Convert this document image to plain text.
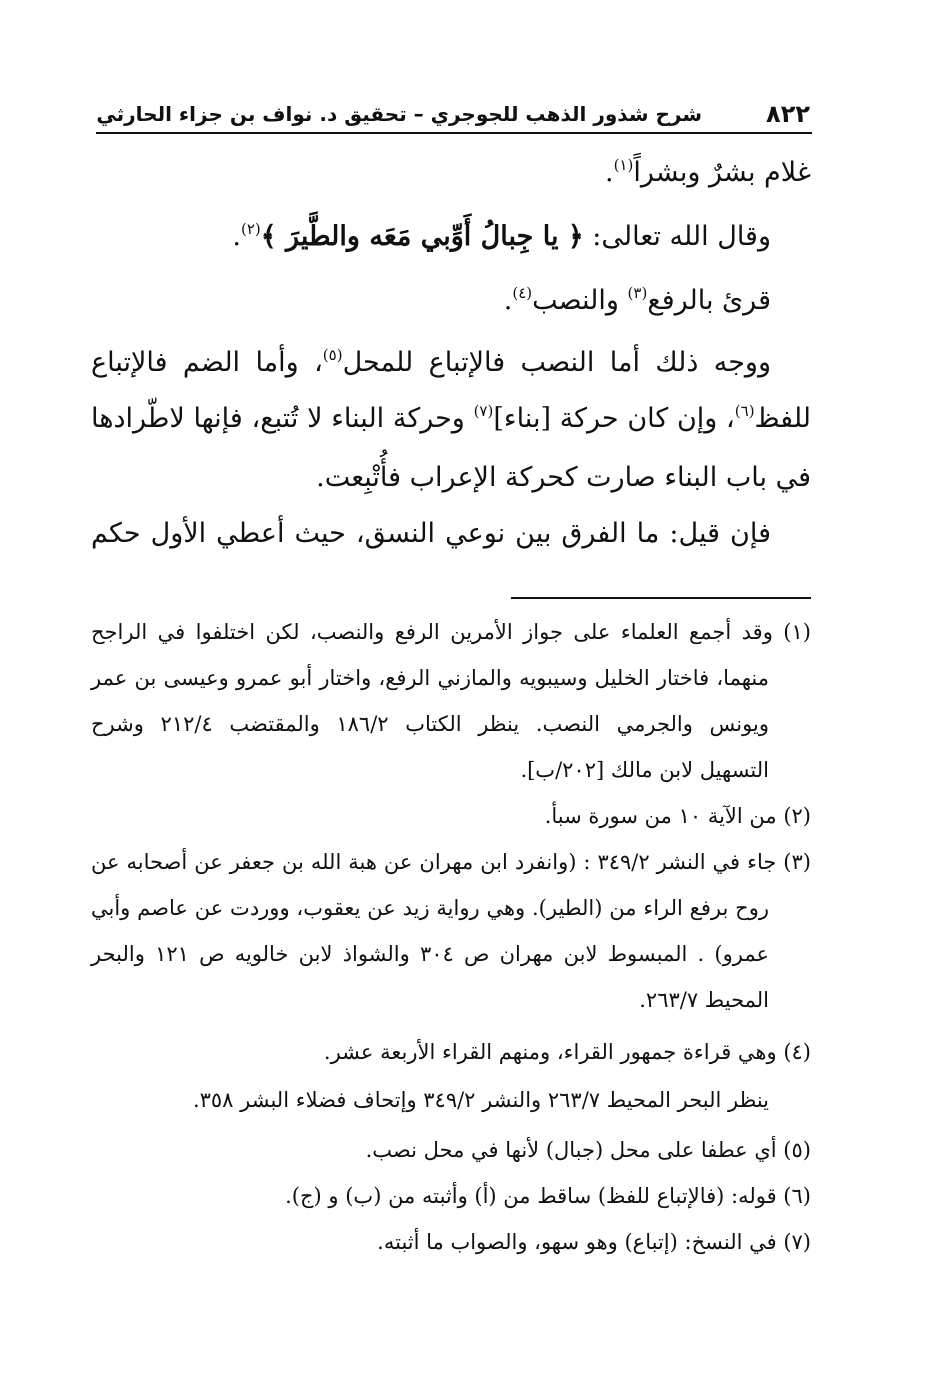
٨٢٢
شرح شذور الذهب للجوجري – تحقيق د. نواف بن جزاء الحارثي
غلام بشرٌ وبشراً$^{(١)}$.
وقال الله تعالى: ﴿ يا جِبالُ أَوِّبي مَعَه والطَّيرَ ﴾$^{(٢)}$.
قرئ بالرفع$^{(٣)}$ والنصب$^{(٤)}$.
ووجه ذلك أما النصب فالإتباع للمحل$^{(٥)}$، وأما الضم فالإتباع
للفظ$^{(٦)}$، وإن كان حركة [بناء]$^{(٧)}$ وحركة البناء لا تُتبع، فإنها لاطّرادها
في باب البناء صارت كحركة الإعراب فأُتْبِعت.
فإن قيل: ما الفرق بين نوعي النسق، حيث أعطي الأول حكم
(١) وقد أجمع العلماء على جواز الأمرين الرفع والنصب، لكن اختلفوا في الراجح
منهما، فاختار الخليل وسيبويه والمازني الرفع، واختار أبو عمرو وعيسى بن عمر
ويونس والجرمي النصب. ينظر الكتاب ١٨٦/٢ والمقتضب ٢١٢/٤ وشرح
التسهيل لابن مالك [٢٠٢/ب].
(٢) من الآية ١٠ من سورة سبأ.
(٣) جاء في النشر ٣٤٩/٢ : (وانفرد ابن مهران عن هبة الله بن جعفر عن أصحابه عن
روح برفع الراء من (الطير). وهي رواية زيد عن يعقوب، ووردت عن عاصم وأبي
عمرو) . المبسوط لابن مهران ص ٣٠٤ والشواذ لابن خالويه ص ١٢١ والبحر
المحيط ٢٦٣/٧.
(٤) وهي قراءة جمهور القراء، ومنهم القراء الأربعة عشر.
ينظر البحر المحيط ٢٦٣/٧ والنشر ٣٤٩/٢ وإتحاف فضلاء البشر ٣٥٨.
(٥) أي عطفا على محل (جبال) لأنها في محل نصب.
(٦) قوله: (فالإتباع للفظ) ساقط من (أ) وأثبته من (ب) و (ج).
(٧) في النسخ: (إتباع) وهو سهو، والصواب ما أثبته.
